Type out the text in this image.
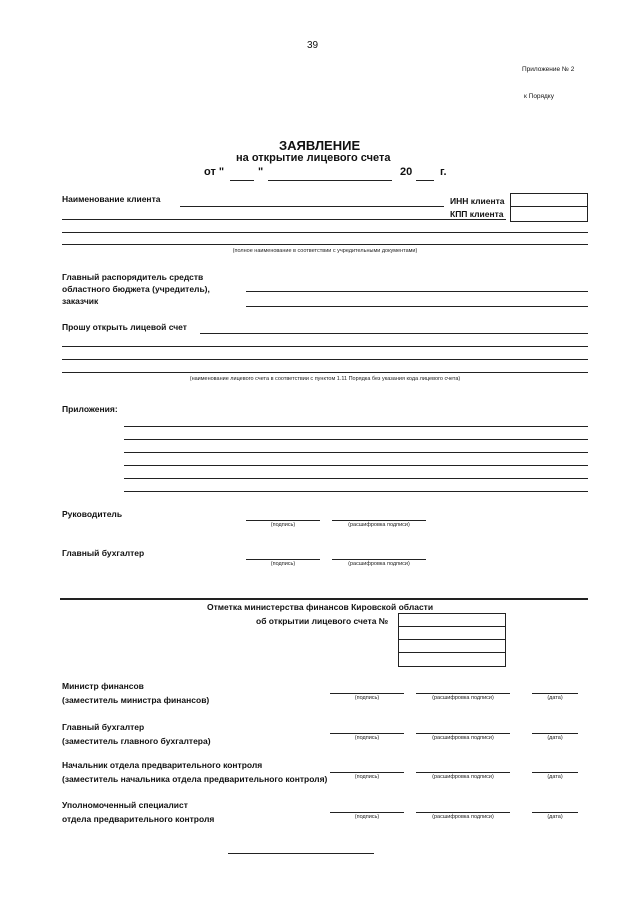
39
Приложение № 2
к Порядку
ЗАЯВЛЕНИЕ
на открытие лицевого счета
от "	"	20	г.
Наименование клиента
(полное наименование в соответствии с учредительными документами)
ИНН клиента
КПП клиента
Главный распорядитель средств
областного бюджета (учредитель),
заказчик
Прошу открыть лицевой счет
(наименование лицевого счета в соответствии с пунктом 1.11 Порядка без указания кода лицевого счета)
Приложения:
Руководитель
(подпись)	(расшифровка подписи)
Главный бухгалтер
(подпись)	(расшифровка подписи)
Отметка министерства финансов Кировской области
об открытии лицевого счета №
Министр финансов
(заместитель министра финансов)	(подпись)	(расшифровка подписи)	(дата)
Главный бухгалтер
(заместитель главного бухгалтера)	(подпись)	(расшифровка подписи)	(дата)
Начальник отдела предварительного контроля
(заместитель начальника отдела предварительного контроля)	(подпись)	(расшифровка подписи)	(дата)
Уполномоченный специалист
отдела предварительного контроля	(подпись)	(расшифровка подписи)	(дата)
